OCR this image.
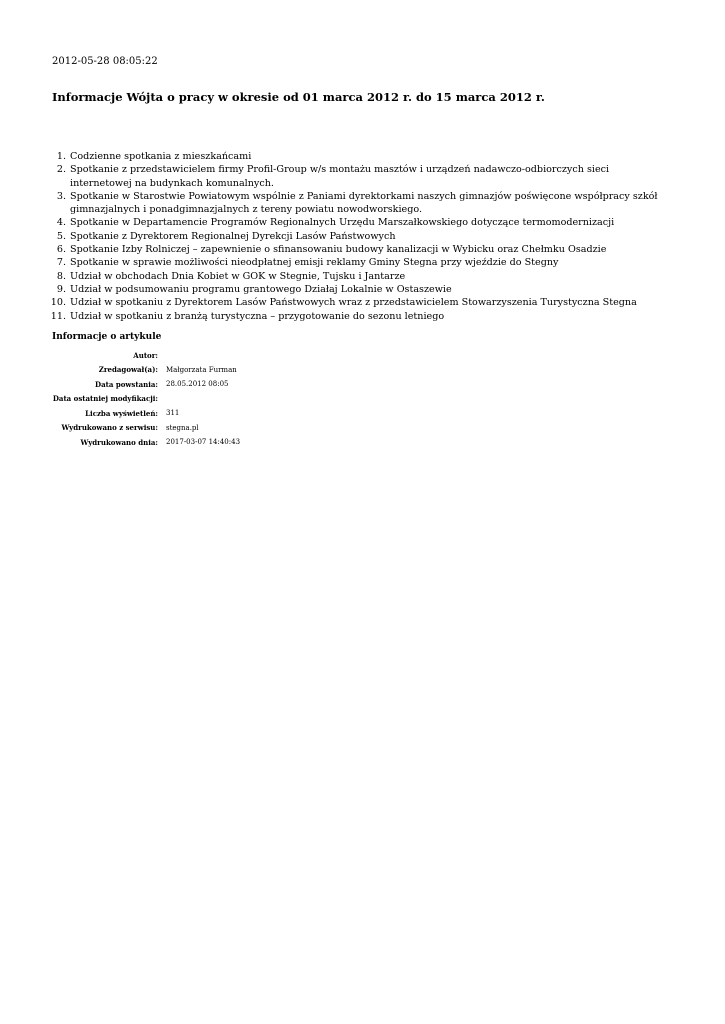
2012-05-28 08:05:22
Informacje Wójta o pracy w okresie od 01 marca 2012 r. do 15 marca 2012 r.
1. Codzienne spotkania z mieszkańcami
2. Spotkanie z przedstawicielem firmy Profil-Group w/s montażu masztów i urządzeń nadawczo-odbiorczych sieci internetowej na budynkach komunalnych.
3. Spotkanie w Starostwie Powiatowym wspólnie z Paniami dyrektorkami naszych gimnazjów poświęcone współpracy szkół gimnazjalnych i ponadgimnazjalnych z tereny powiatu nowodworskiego.
4. Spotkanie w Departamencie Programów Regionalnych Urzędu Marszałkowskiego dotyczące termomodernizacji
5. Spotkanie z Dyrektorem Regionalnej Dyrekcji Lasów Państwowych
6. Spotkanie Izby Rolniczej – zapewnienie o sfinansowaniu budowy kanalizacji w Wybicku oraz Chełmku Osadzie
7. Spotkanie w sprawie możliwości nieodpłatnej emisji reklamy Gminy Stegna przy wjeździe do Stegny
8. Udział w obchodach Dnia Kobiet w GOK w Stegnie, Tujsku i Jantarze
9. Udział w podsumowaniu programu grantowego Działaj Lokalnie w Ostaszewie
10. Udział w spotkaniu z Dyrektorem Lasów Państwowych wraz z przedstawicielem Stowarzyszenia Turystyczna Stegna
11. Udział w spotkaniu z branżą turystyczna – przygotowanie do sezonu letniego
Informacje o artykule
Autor:	
Zredagował(a):	Małgorzata Furman
Data powstania:	28.05.2012 08:05
Data ostatniej modyfikacji:	
Liczba wyświetleń:	311
Wydrukowano z serwisu:	stegna.pl
Wydrukowano dnia:	2017-03-07 14:40:43
